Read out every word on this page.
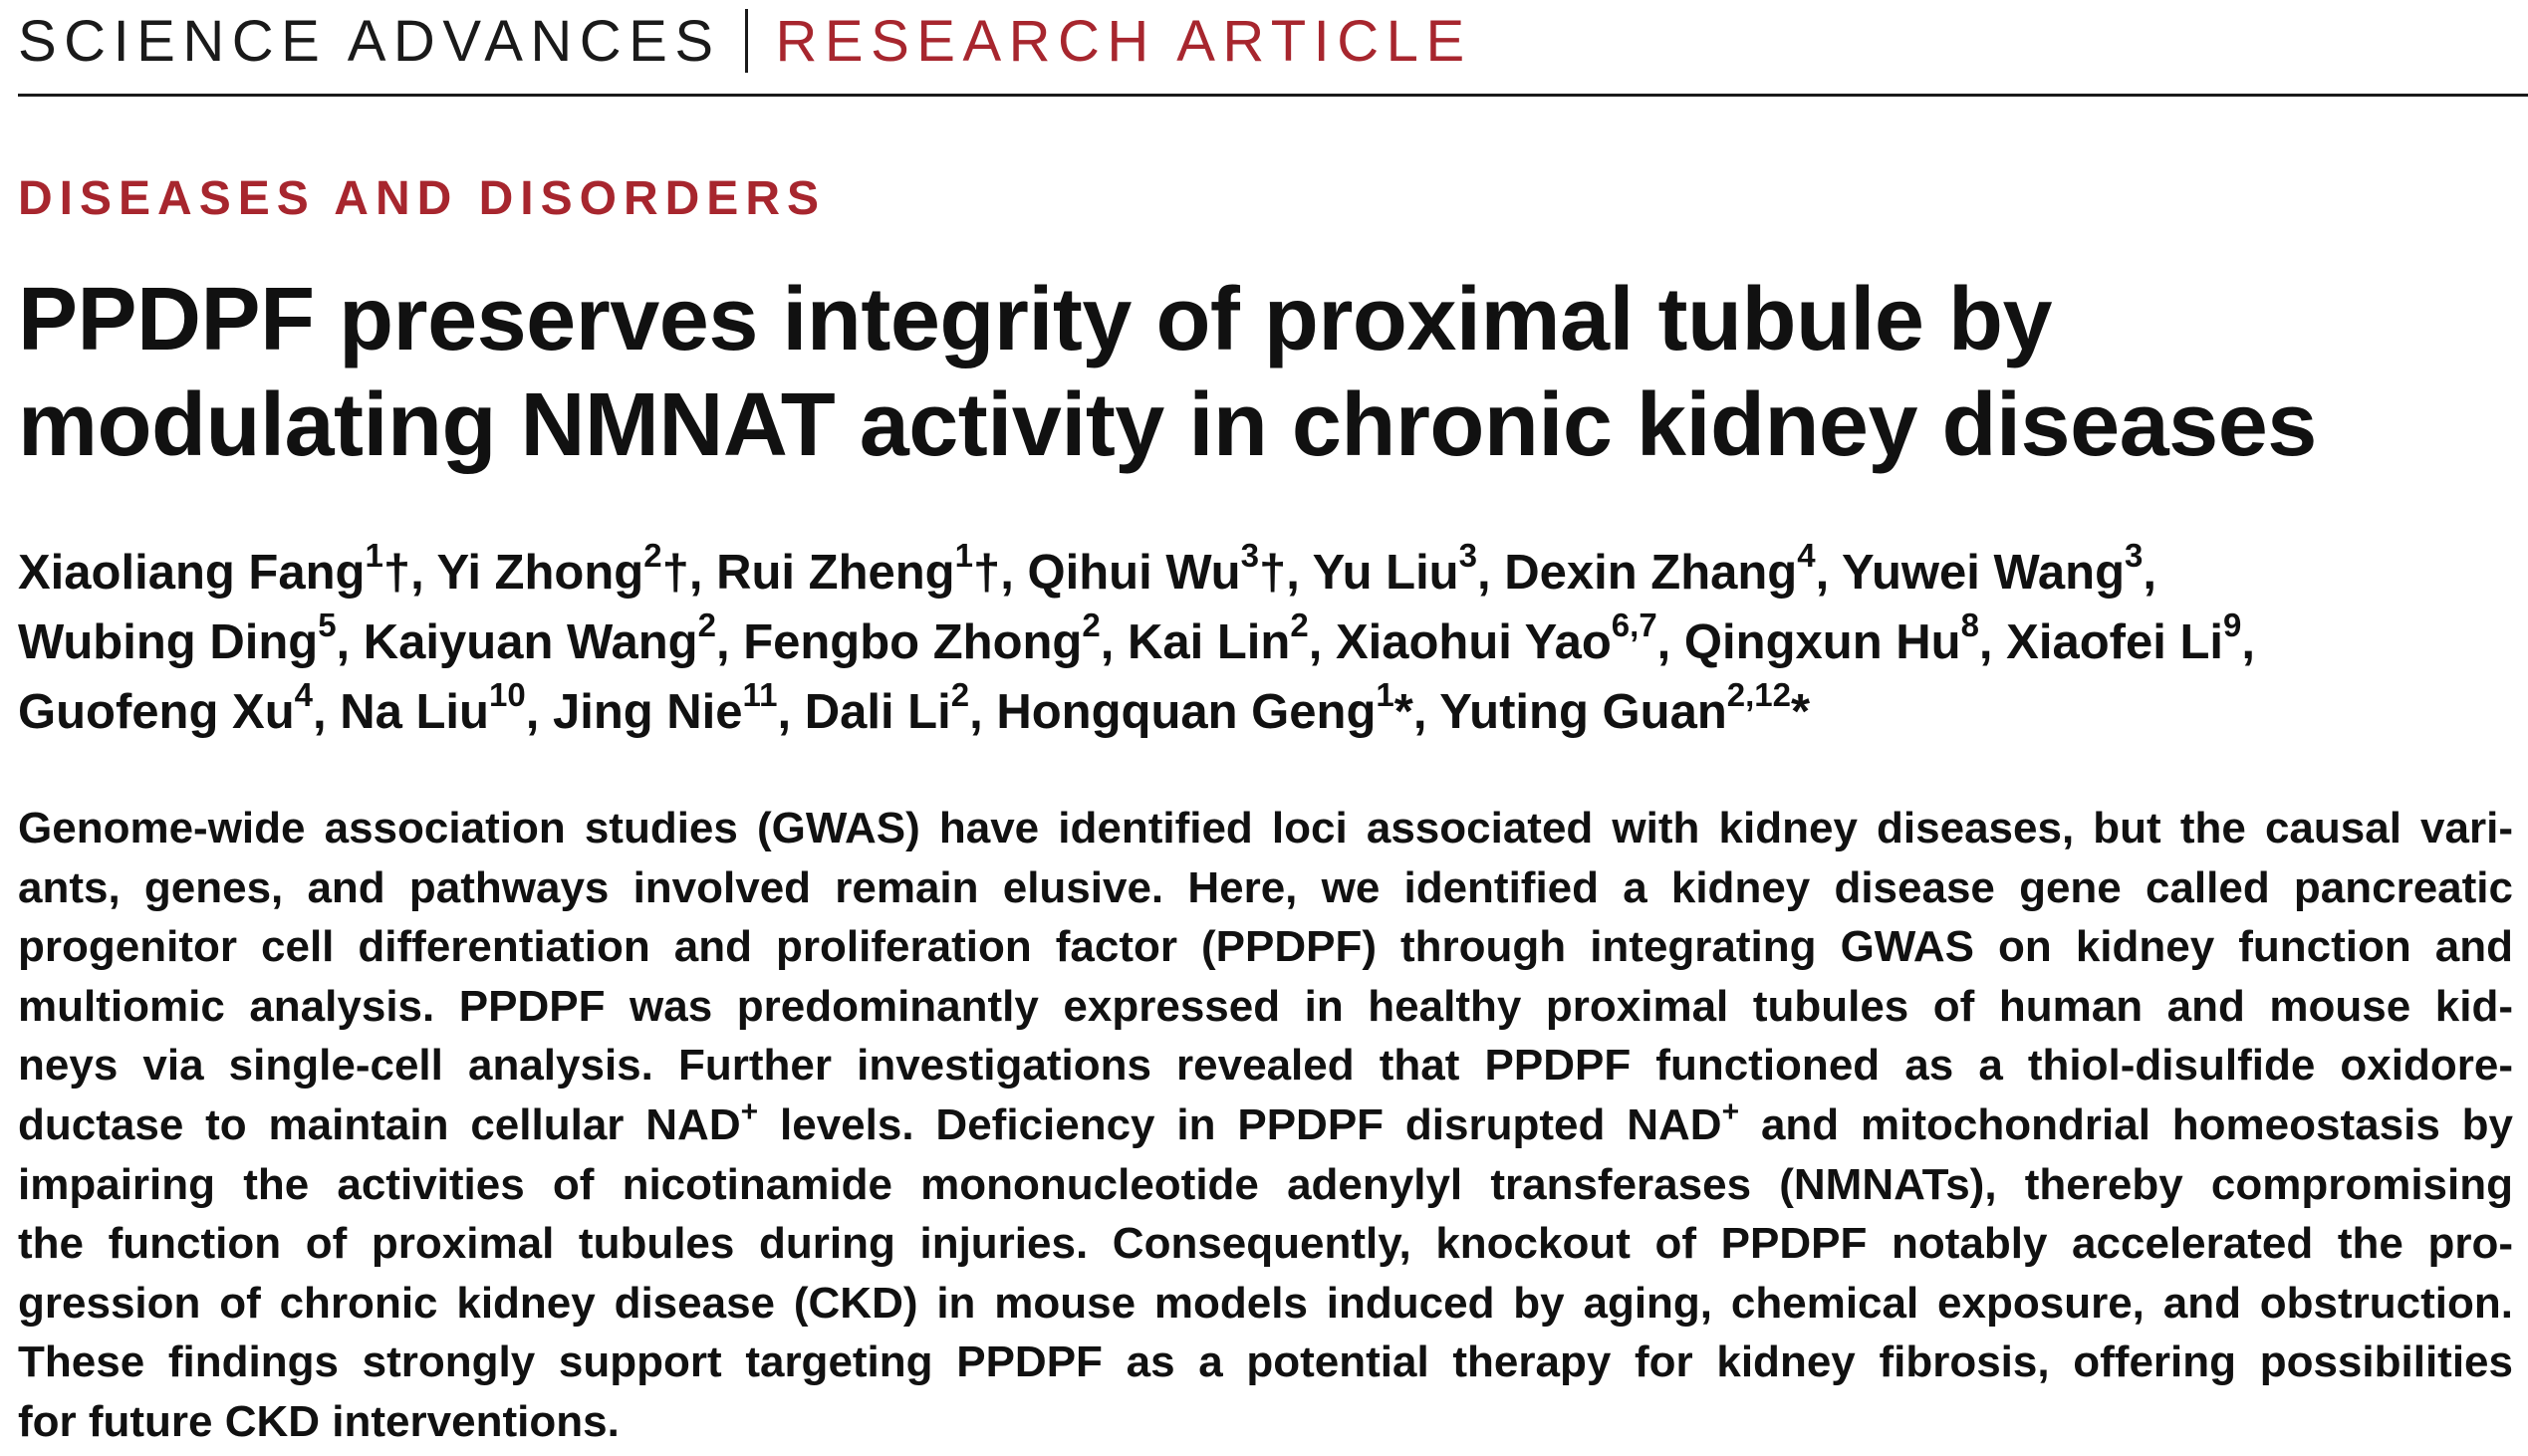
SCIENCE ADVANCES RESEARCH ARTICLE
DISEASES AND DISORDERS
PPDPF preserves integrity of proximal tubule by
modulating NMNAT activity in chronic kidney diseases
Xiaoliang Fang$^1$†, Yi Zhong$^2$†, Rui Zheng$^1$†, Qihui Wu$^3$†, Yu Liu$^3$, Dexin Zhang$^4$, Yuwei Wang$^3$,
Wubing Ding$^5$, Kaiyuan Wang$^2$, Fengbo Zhong$^2$, Kai Lin$^2$, Xiaohui Yao$^{6,7}$, Qingxun Hu$^8$, Xiaofei Li$^9$,
Guofeng Xu$^4$, Na Liu$^{10}$, Jing Nie$^{11}$, Dali Li$^2$, Hongquan Geng$^1$*, Yuting Guan$^{2,12}$*

Genome-wide association studies (GWAS) have identified loci associated with kidney diseases, but the causal vari-
ants, genes, and pathways involved remain elusive. Here, we identified a kidney disease gene called pancreatic
progenitor cell differentiation and proliferation factor (PPDPF) through integrating GWAS on kidney function and
multiomic analysis. PPDPF was predominantly expressed in healthy proximal tubules of human and mouse kid-
neys via single-cell analysis. Further investigations revealed that PPDPF functioned as a thiol-disulfide oxidore-
ductase to maintain cellular NAD+ levels. Deficiency in PPDPF disrupted NAD+ and mitochondrial homeostasis by
impairing the activities of nicotinamide mononucleotide adenylyl transferases (NMNATs), thereby compromising
the function of proximal tubules during injuries. Consequently, knockout of PPDPF notably accelerated the pro-
gression of chronic kidney disease (CKD) in mouse models induced by aging, chemical exposure, and obstruction.
These findings strongly support targeting PPDPF as a potential therapy for kidney fibrosis, offering possibilities
for future CKD interventions.
